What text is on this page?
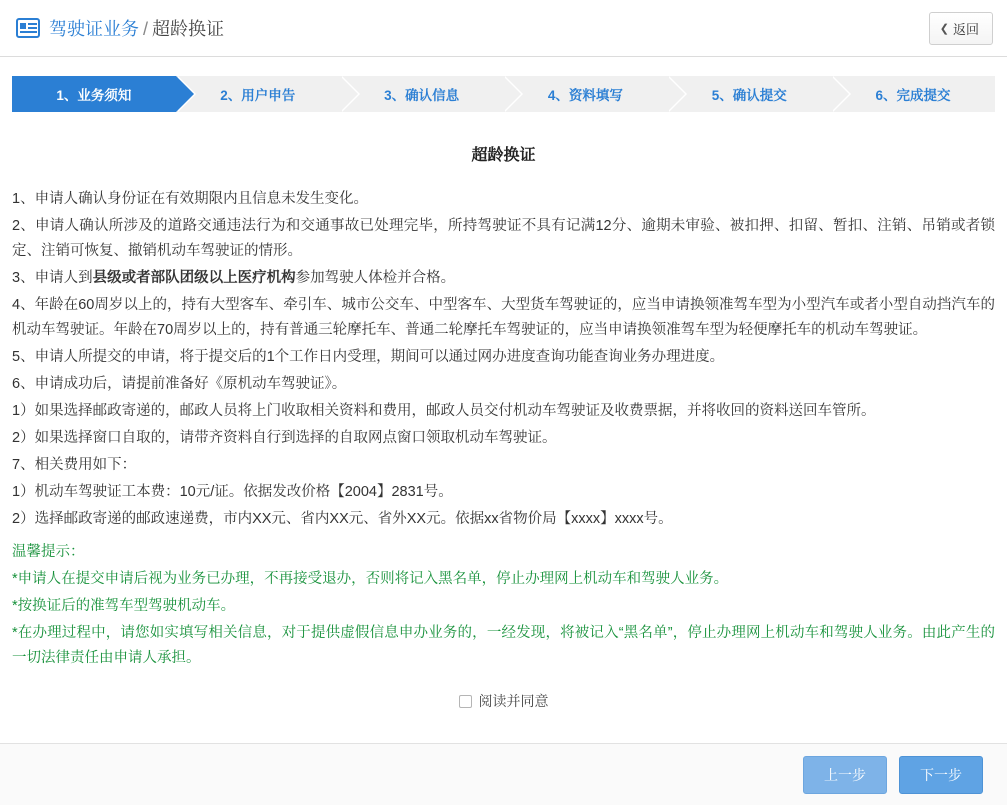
驾驶证业务 / 超龄换证	❮ 返回
1、业务须知	2、用户申告	3、确认信息	4、资料填写	5、确认提交	6、完成提交
超龄换证

1、申请人确认身份证在有效期限内且信息未发生变化。

2、申请人确认所涉及的道路交通违法行为和交通事故已处理完毕，所持驾驶证不具有记满12分、逾期未审验、被扣押、扣留、暂扣、注销、吊销或者锁定、注销可恢复、撤销机动车驾驶证的情形。

3、申请人到县级或者部队团级以上医疗机构参加驾驶人体检并合格。

4、年龄在60周岁以上的，持有大型客车、牵引车、城市公交车、中型客车、大型货车驾驶证的，应当申请换领准驾车型为小型汽车或者小型自动挡汽车的机动车驾驶证。年龄在70周岁以上的，持有普通三轮摩托车、普通二轮摩托车驾驶证的，应当申请换领准驾车型为轻便摩托车的机动车驾驶证。

5、申请人所提交的申请，将于提交后的1个工作日内受理，期间可以通过网办进度查询功能查询业务办理进度。

6、申请成功后，请提前准备好《原机动车驾驶证》。

1）如果选择邮政寄递的，邮政人员将上门收取相关资料和费用，邮政人员交付机动车驾驶证及收费票据，并将收回的资料送回车管所。

2）如果选择窗口自取的，请带齐资料自行到选择的自取网点窗口领取机动车驾驶证。

7、相关费用如下：

1）机动车驾驶证工本费：10元/证。依据发改价格【2004】2831号。

2）选择邮政寄递的邮政速递费，市内XX元、省内XX元、省外XX元。依据xx省物价局【xxxx】xxxx号。

温馨提示：

*申请人在提交申请后视为业务已办理，不再接受退办，否则将记入黑名单，停止办理网上机动车和驾驶人业务。

*按换证后的准驾车型驾驶机动车。

*在办理过程中，请您如实填写相关信息，对于提供虚假信息申办业务的，一经发现，将被记入“黑名单”，停止办理网上机动车和驾驶人业务。由此产生的一切法律责任由申请人承担。

阅读并同意
上一步	下一步
